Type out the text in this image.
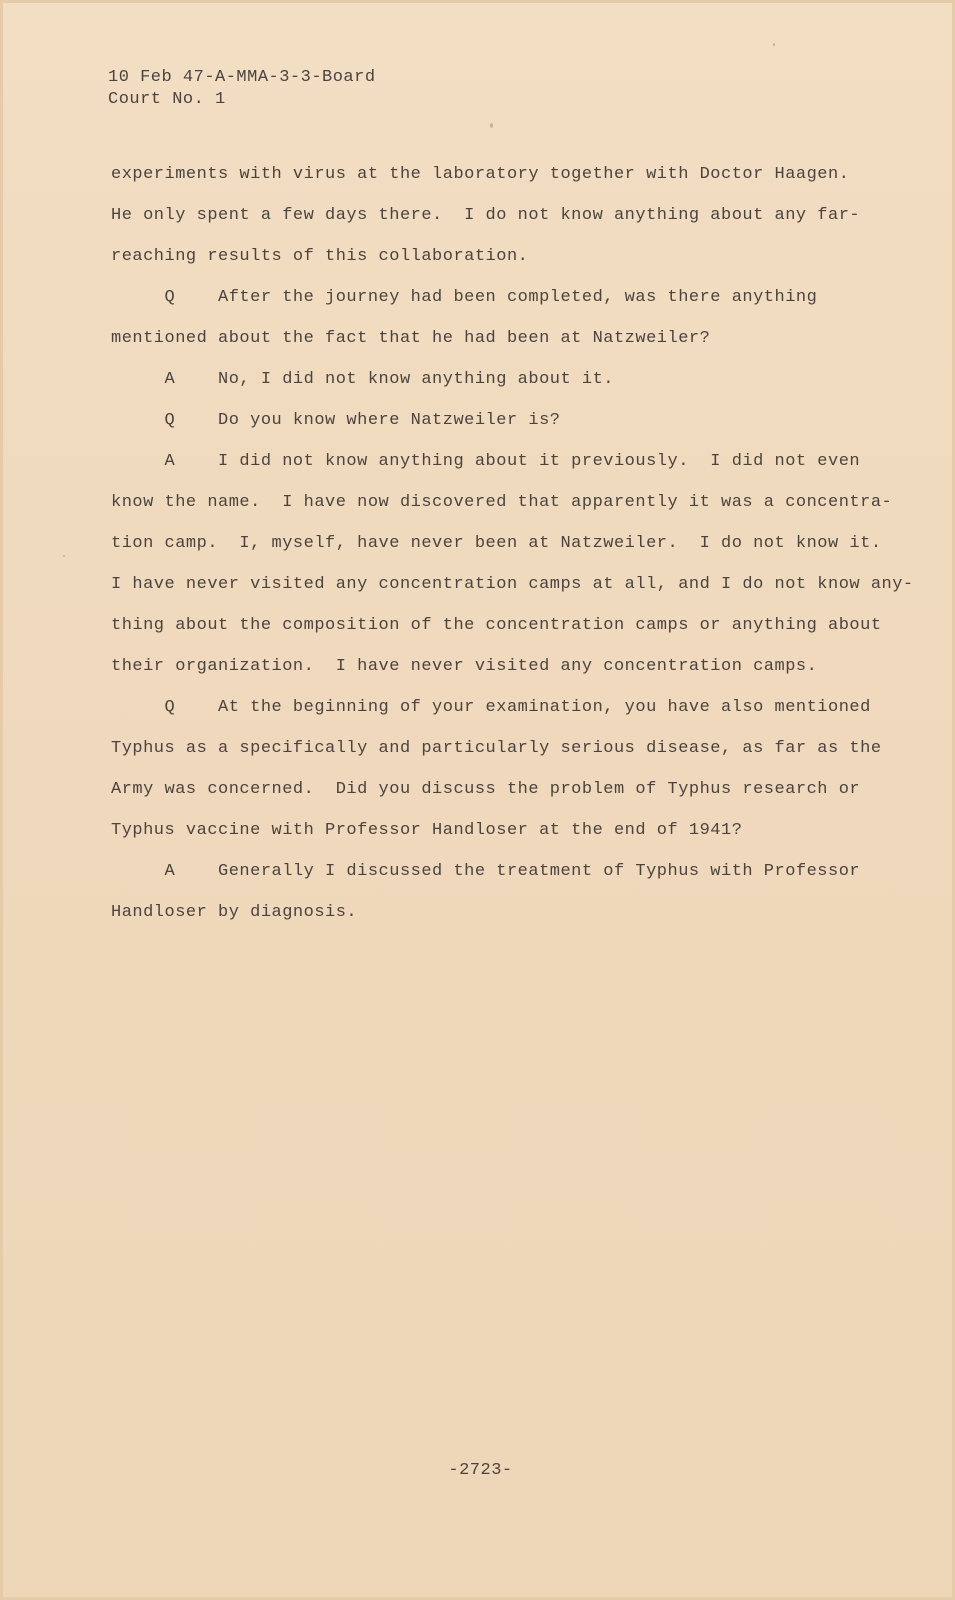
10 Feb 47-A-MMA-3-3-Board
Court No. 1
experiments with virus at the laboratory together with Doctor Haagen.
He only spent a few days there.  I do not know anything about any far-
reaching results of this collaboration.
Q    After the journey had been completed, was there anything
mentioned about the fact that he had been at Natzweiler?
A    No, I did not know anything about it.
Q    Do you know where Natzweiler is?
A    I did not know anything about it previously.  I did not even
know the name.  I have now discovered that apparently it was a concentra-
tion camp.  I, myself, have never been at Natzweiler.  I do not know it.
I have never visited any concentration camps at all, and I do not know any-
thing about the composition of the concentration camps or anything about
their organization.  I have never visited any concentration camps.
Q    At the beginning of your examination, you have also mentioned
Typhus as a specifically and particularly serious disease, as far as the
Army was concerned.  Did you discuss the problem of Typhus research or
Typhus vaccine with Professor Handloser at the end of 1941?
A    Generally I discussed the treatment of Typhus with Professor
Handloser by diagnosis.
-2723-
